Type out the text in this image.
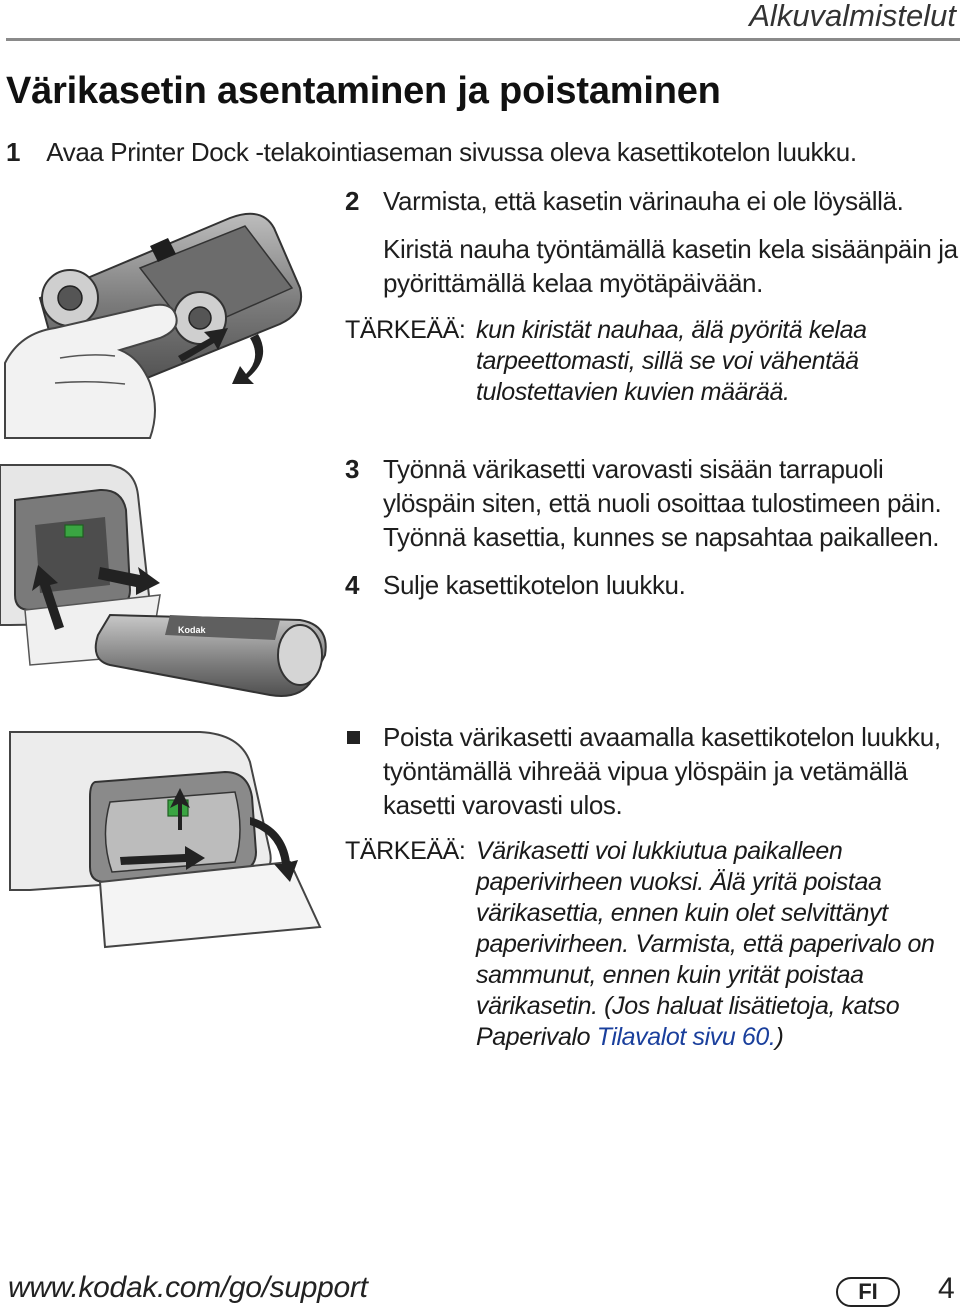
Alkuvalmistelut
Värikasetin asentaminen ja poistaminen
1 Avaa Printer Dock -telakointiaseman sivussa oleva kasettikotelon luukku.
2 Varmista, että kasetin värinauha ei ole löysällä.
Kiristä nauha työntämällä kasetin kela sisäänpäin ja
pyörittämällä kelaa myötäpäivään.
TÄRKEÄÄ: kun kiristät nauhaa, älä pyöritä kelaa
tarpeettomasti, sillä se voi vähentää
tulostettavien kuvien määrää.
3 Työnnä värikasetti varovasti sisään tarrapuoli
ylöspäin siten, että nuoli osoittaa tulostimeen päin.
Työnnä kasettia, kunnes se napsahtaa paikalleen.
4 Sulje kasettikotelon luukku.
Poista värikasetti avaamalla kasettikotelon luukku,
työntämällä vihreää vipua ylöspäin ja vetämällä
kasetti varovasti ulos.
TÄRKEÄÄ: Värikasetti voi lukkiutua paikalleen
paperivirheen vuoksi. Älä yritä poistaa
värikasettia, ennen kuin olet selvittänyt
paperivirheen. Varmista, että paperivalo on
sammunut, ennen kuin yrität poistaa
värikasetin. (Jos haluat lisätietoja, katso
Paperivalo Tilavalot sivu 60.)
Kodak
www.kodak.com/go/support	FI	4
